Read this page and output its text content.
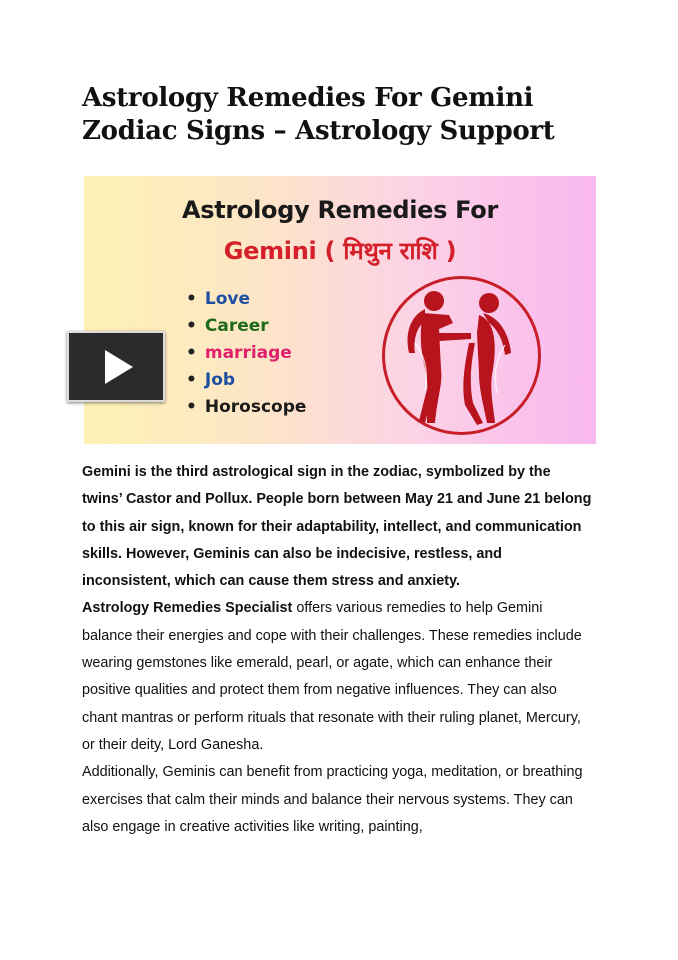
Astrology Remedies For Gemini Zodiac Signs – Astrology Support
Astrology Remedies For
Gemini ( मिथुन राशि )
• Love
• Career
• marriage
• Job
• Horoscope

Gemini is the third astrological sign in the zodiac, symbolized by the twins’ Castor and Pollux. People born between May 21 and June 21 belong to this air sign, known for their adaptability, intellect, and communication skills. However, Geminis can also be indecisive, restless, and inconsistent, which can cause them stress and anxiety.

Astrology Remedies Specialist offers various remedies to help Gemini balance their energies and cope with their challenges. These remedies include wearing gemstones like emerald, pearl, or agate, which can enhance their positive qualities and protect them from negative influences. They can also chant mantras or perform rituals that resonate with their ruling planet, Mercury, or their deity, Lord Ganesha.

Additionally, Geminis can benefit from practicing yoga, meditation, or breathing exercises that calm their minds and balance their nervous systems. They can also engage in creative activities like writing, painting,
